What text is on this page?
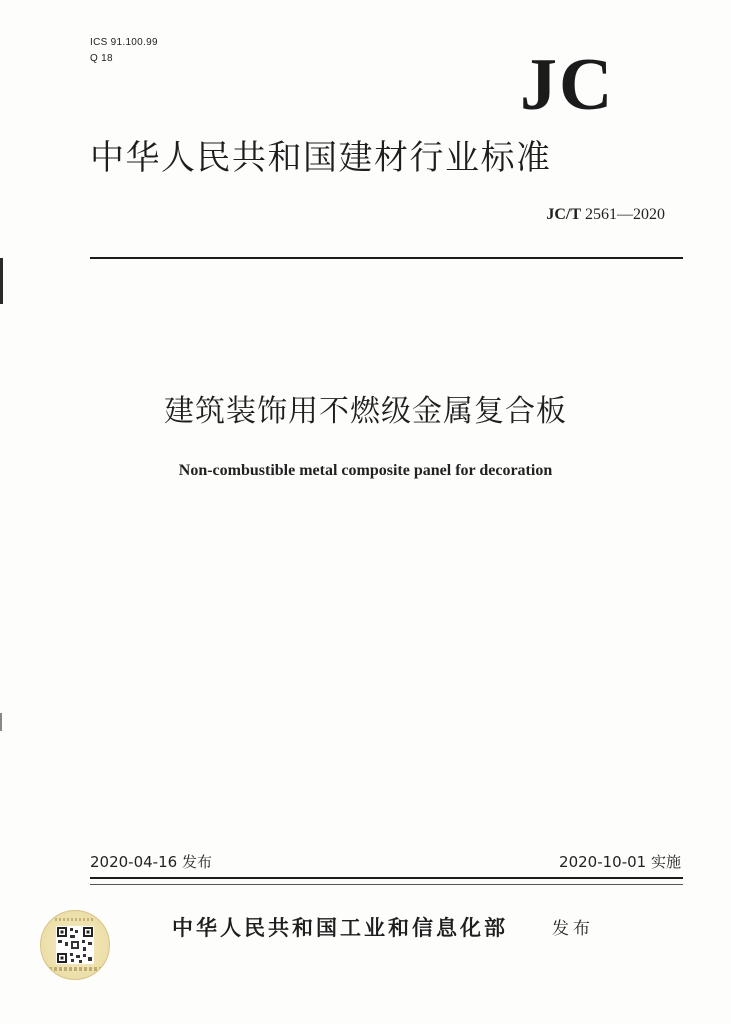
ICS 91.100.99
Q 18	JC
中华人民共和国建材行业标准
JC/T 2561—2020
建筑装饰用不燃级金属复合板
Non-combustible metal composite panel for decoration
2020-04-16 发布	2020-10-01 实施
中华人民共和国工业和信息化部	发布
